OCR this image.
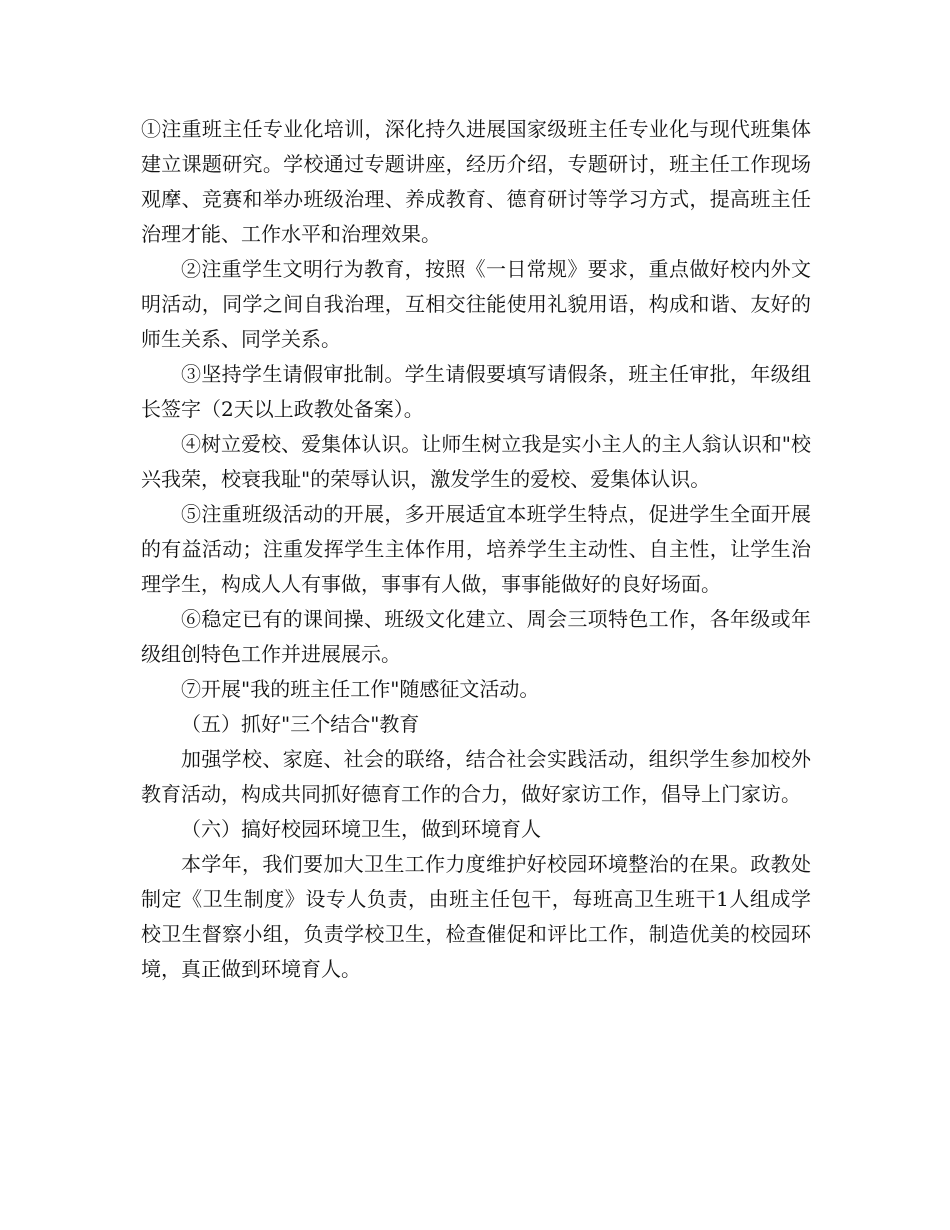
①注重班主任专业化培训，深化持久进展国家级班主任专业化与现代班集体建立课题研究。学校通过专题讲座，经历介绍，专题研讨，班主任工作现场观摩、竞赛和举办班级治理、养成教育、德育研讨等学习方式，提高班主任治理才能、工作水平和治理效果。

②注重学生文明行为教育，按照《一日常规》要求，重点做好校内外文明活动，同学之间自我治理，互相交往能使用礼貌用语，构成和谐、友好的师生关系、同学关系。

③坚持学生请假审批制。学生请假要填写请假条，班主任审批，年级组长签字（2天以上政教处备案）。

④树立爱校、爱集体认识。让师生树立我是实小主人的主人翁认识和"校兴我荣，校衰我耻"的荣辱认识，激发学生的爱校、爱集体认识。

⑤注重班级活动的开展，多开展适宜本班学生特点，促进学生全面开展的有益活动；注重发挥学生主体作用，培养学生主动性、自主性，让学生治理学生，构成人人有事做，事事有人做，事事能做好的良好场面。

⑥稳定已有的课间操、班级文化建立、周会三项特色工作，各年级或年级组创特色工作并进展展示。

⑦开展"我的班主任工作"随感征文活动。

（五）抓好"三个结合"教育

加强学校、家庭、社会的联络，结合社会实践活动，组织学生参加校外教育活动，构成共同抓好德育工作的合力，做好家访工作，倡导上门家访。

（六）搞好校园环境卫生，做到环境育人

本学年，我们要加大卫生工作力度维护好校园环境整治的在果。政教处制定《卫生制度》设专人负责，由班主任包干，每班高卫生班干1人组成学校卫生督察小组，负责学校卫生，检查催促和评比工作，制造优美的校园环境，真正做到环境育人。
